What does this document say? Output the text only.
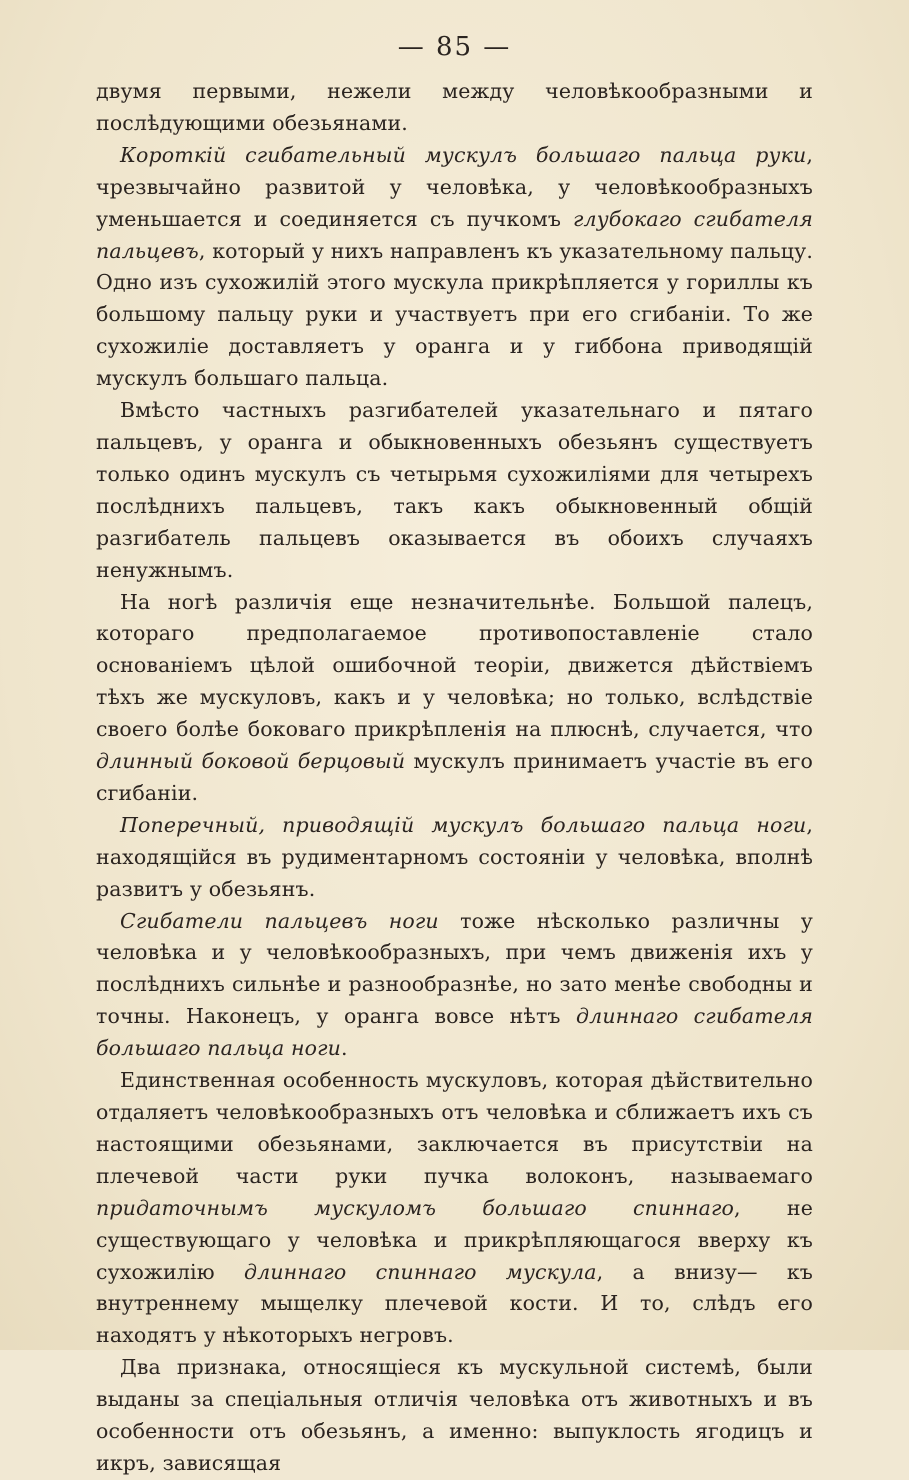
— 85 —

двумя первыми, нежели между человѣкообразными и послѣдующими обезьянами.

Короткій сгибательный мускулъ большаго пальца руки, чрезвычайно развитой у человѣка, у человѣкообразныхъ уменьшается и соединяется съ пучкомъ глубокаго сгибателя пальцевъ, который у нихъ направленъ къ указательному пальцу. Одно изъ сухожилій этого мускула прикрѣпляется у гориллы къ большому пальцу руки и участвуетъ при его сгибаніи. То же сухожиліе доставляетъ у оранга и у гиббона приводящій мускулъ большаго пальца.

Вмѣсто частныхъ разгибателей указательнаго и пятаго пальцевъ, у оранга и обыкновенныхъ обезьянъ существуетъ только одинъ мускулъ съ четырьмя сухожиліями для четырехъ послѣднихъ пальцевъ, такъ какъ обыкновенный общій разгибатель пальцевъ оказывается въ обоихъ случаяхъ ненужнымъ.

На ногѣ различія еще незначительнѣе. Большой палецъ, котораго предполагаемое противопоставленіе стало основаніемъ цѣлой ошибочной теоріи, движется дѣйствіемъ тѣхъ же мускуловъ, какъ и у человѣка; но только, вслѣдствіе своего болѣе боковаго прикрѣпленія на плюснѣ, случается, что длинный боковой берцовый мускулъ принимаетъ участіе въ его сгибаніи.

Поперечный, приводящій мускулъ большаго пальца ноги, находящійся въ рудиментарномъ состояніи у человѣка, вполнѣ развитъ у обезьянъ.

Сгибатели пальцевъ ноги тоже нѣсколько различны у человѣка и у человѣкообразныхъ, при чемъ движенія ихъ у послѣднихъ сильнѣе и разнообразнѣе, но зато менѣе свободны и точны. Наконецъ, у оранга вовсе нѣтъ длиннаго сгибателя большаго пальца ноги.

Единственная особенность мускуловъ, которая дѣйствительно отдаляетъ человѣкообразныхъ отъ человѣка и сближаетъ ихъ съ настоящими обезьянами, заключается въ присутствіи на плечевой части руки пучка волоконъ, называемаго придаточнымъ мускуломъ большаго спиннаго, не существующаго у человѣка и прикрѣпляющагося вверху къ сухожилію длиннаго спиннаго мускула, а внизу— къ внутреннему мыщелку плечевой кости. И то, слѣдъ его находятъ у нѣкоторыхъ негровъ.

Два признака, относящіеся къ мускульной системѣ, были выданы за спеціальныя отличія человѣка отъ животныхъ и въ особенности отъ обезьянъ, а именно: выпуклость ягодицъ и икръ, зависящая
